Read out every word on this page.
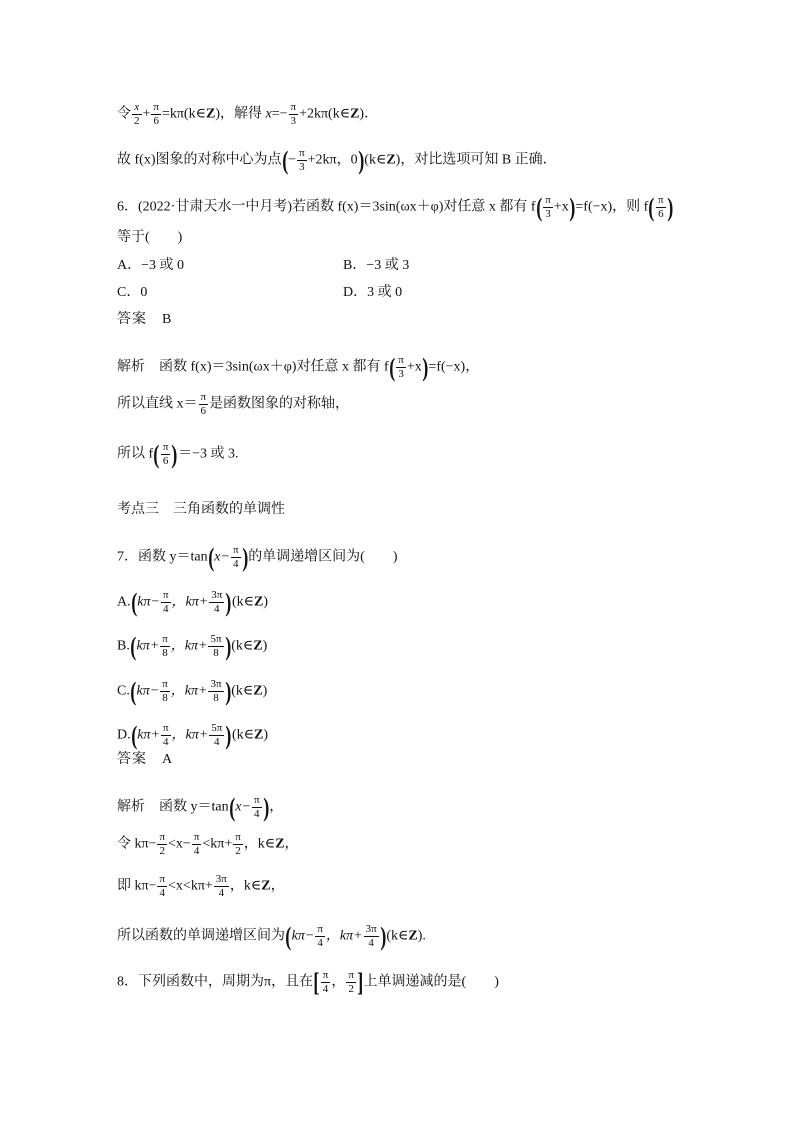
令 $\frac{x}{2} + \frac{\pi}{6}$ =kπ(k∈Z)，解得 $x=- \frac{\pi}{3}$ +2kπ(k∈Z)．
故 f(x)图象的对称中心为点(− $\frac{\pi}{3} +2k\pi$，0)(k∈Z)，对比选项可知 B 正确．
6．(2022·甘肃天水一中月考)若函数 f(x)＝3sin(ωx＋φ)对任意 x 都有 $f( \frac{\pi}{3} +x)=f(-x)$，则 $f( \frac{\pi}{6}$ )
等于(　　)
A．−3 或 0	B．−3 或 3
C．0	D．3 或 0
答案　B
解析　函数 f(x)＝3sin(ωx＋φ)对任意 x 都有 $f( \frac{\pi}{3} +x)=f(-x)$，
所以直线 $x= \frac{\pi}{6}$ 是函数图象的对称轴，
所以 $f( \frac{\pi}{6} )=-3$ 或 3.
考点三　三角函数的单调性
7．函数 $y=\tan(x- \frac{\pi}{4}$ )的单调递增区间为(　　)
$A.(k\pi- \frac{\pi}{4}$ ，$k\pi+ \frac{3\pi}{4}$ )(k∈Z)
$B.(k\pi+ \frac{\pi}{8}$ ，$k\pi+ \frac{5\pi}{8}$ )(k∈Z)
$C.(k\pi- \frac{\pi}{8}$ ，$k\pi+ \frac{3\pi}{8}$ )(k∈Z)
$D.(k\pi+ \frac{\pi}{4}$ ，$k\pi+ \frac{5\pi}{4}$ )(k∈Z)
答案　A
解析　函数 $y=\tan(x- \frac{\pi}{4}$ )，
令 $k\pi- \frac{\pi}{2} <x- \frac{\pi}{4} <k\pi+ \frac{\pi}{2}$ ，k∈Z，
即 $k\pi- \frac{\pi}{4} <x<k\pi+ \frac{3\pi}{4}$ ，k∈Z，
所以函数的单调递增区间为($k\pi- \frac{\pi}{4}$ ，$k\pi+ \frac{3\pi}{4}$ )(k∈Z).
8．下列函数中，周期为π，且在[ $\frac{\pi}{4}$ ， $\frac{\pi}{2}$ ]上单调递减的是(　　)
